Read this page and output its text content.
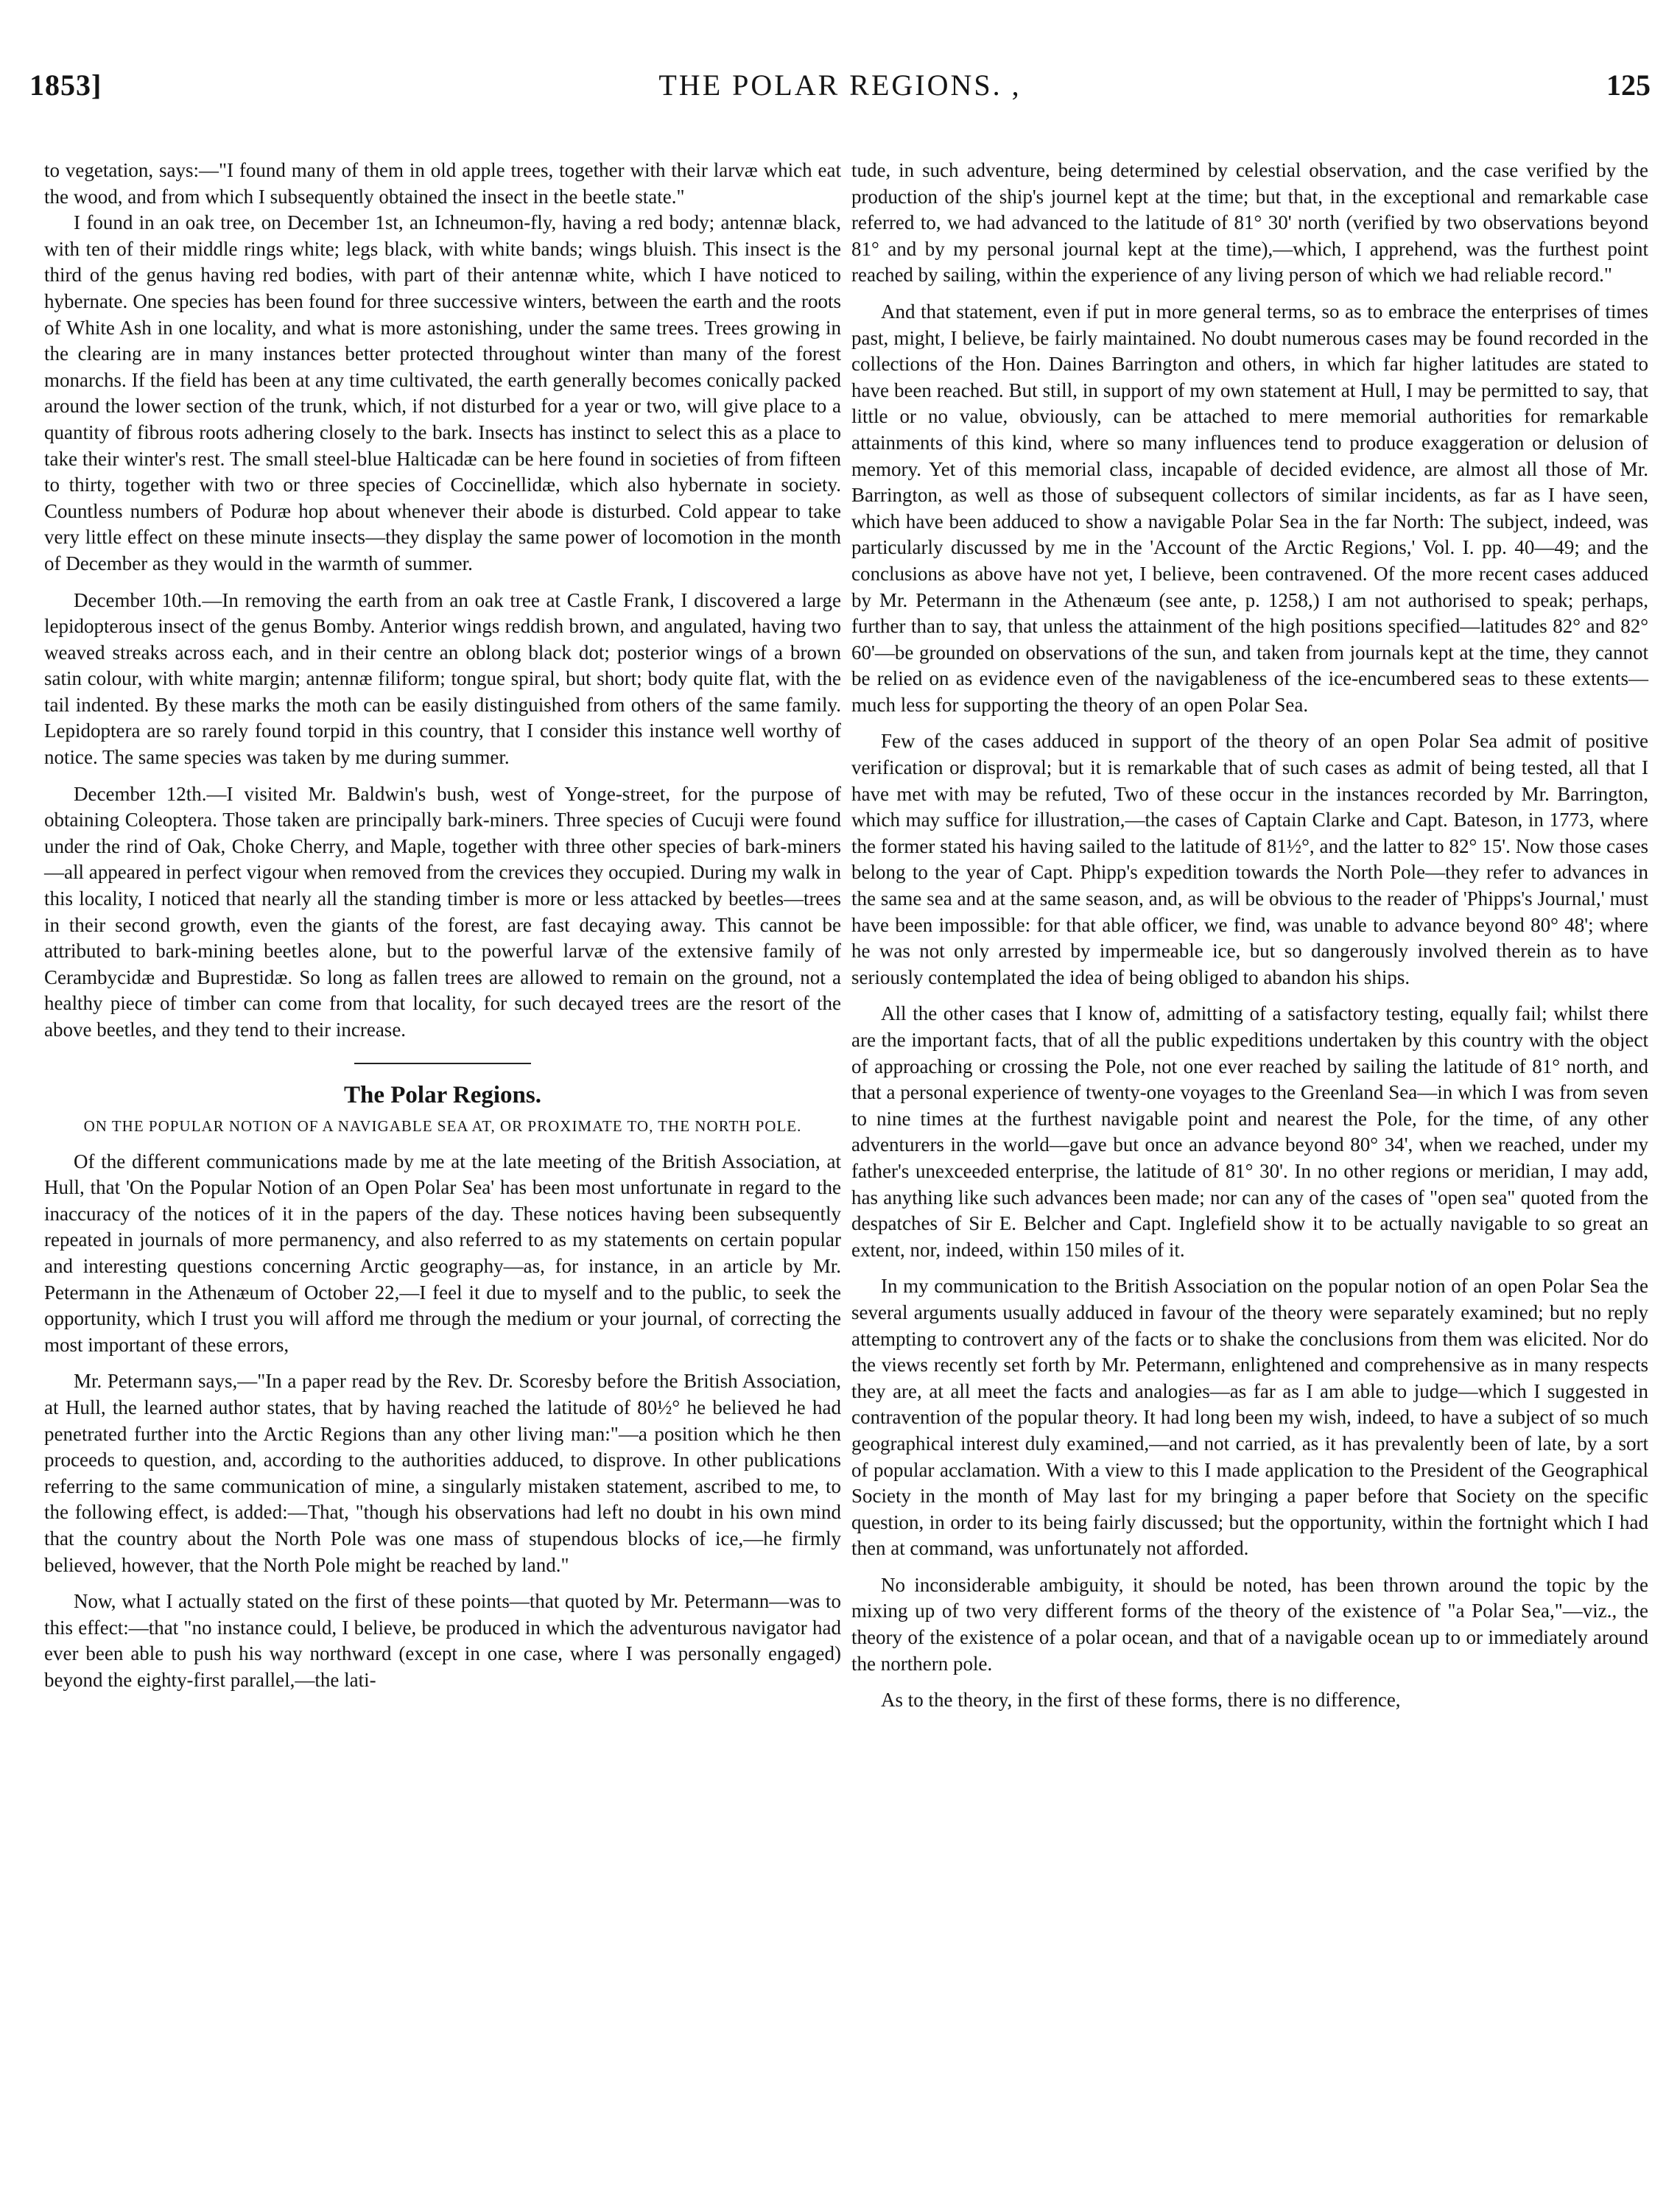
1853]	THE POLAR REGIONS. ,	125

to vegetation, says:—"I found many of them in old apple trees, together with their larvæ which eat the wood, and from which I subsequently obtained the insect in the beetle state."

I found in an oak tree, on December 1st, an Ichneumon-fly, having a red body; antennæ black, with ten of their middle rings white; legs black, with white bands; wings bluish. This insect is the third of the genus having red bodies, with part of their antennæ white, which I have noticed to hybernate. One species has been found for three successive winters, between the earth and the roots of White Ash in one locality, and what is more astonishing, under the same trees. Trees growing in the clearing are in many instances better protected throughout winter than many of the forest monarchs. If the field has been at any time cultivated, the earth generally becomes conically packed around the lower section of the trunk, which, if not disturbed for a year or two, will give place to a quantity of fibrous roots adhering closely to the bark. Insects has instinct to select this as a place to take their winter's rest. The small steel-blue Halticadæ can be here found in societies of from fifteen to thirty, together with two or three species of Coccinellidæ, which also hybernate in society. Countless numbers of Poduræ hop about whenever their abode is disturbed. Cold appear to take very little effect on these minute insects—they display the same power of locomotion in the month of December as they would in the warmth of summer.

December 10th.—In removing the earth from an oak tree at Castle Frank, I discovered a large lepidopterous insect of the genus Bomby. Anterior wings reddish brown, and angulated, having two weaved streaks across each, and in their centre an oblong black dot; posterior wings of a brown satin colour, with white margin; antennæ filiform; tongue spiral, but short; body quite flat, with the tail indented. By these marks the moth can be easily distinguished from others of the same family. Lepidoptera are so rarely found torpid in this country, that I consider this instance well worthy of notice. The same species was taken by me during summer.

December 12th.—I visited Mr. Baldwin's bush, west of Yonge-street, for the purpose of obtaining Coleoptera. Those taken are principally bark-miners. Three species of Cucuji were found under the rind of Oak, Choke Cherry, and Maple, together with three other species of bark-miners—all appeared in perfect vigour when removed from the crevices they occupied. During my walk in this locality, I noticed that nearly all the standing timber is more or less attacked by beetles—trees in their second growth, even the giants of the forest, are fast decaying away. This cannot be attributed to bark-mining beetles alone, but to the powerful larvæ of the extensive family of Cerambycidæ and Buprestidæ. So long as fallen trees are allowed to remain on the ground, not a healthy piece of timber can come from that locality, for such decayed trees are the resort of the above beetles, and they tend to their increase.

The Polar Regions.
ON THE POPULAR NOTION OF A NAVIGABLE SEA AT, OR PROXIMATE TO, THE NORTH POLE.

Of the different communications made by me at the late meeting of the British Association, at Hull, that 'On the Popular Notion of an Open Polar Sea' has been most unfortunate in regard to the inaccuracy of the notices of it in the papers of the day. These notices having been subsequently repeated in journals of more permanency, and also referred to as my statements on certain popular and interesting questions concerning Arctic geography—as, for instance, in an article by Mr. Petermann in the Athenæum of October 22,—I feel it due to myself and to the public, to seek the opportunity, which I trust you will afford me through the medium or your journal, of correcting the most important of these errors,

Mr. Petermann says,—"In a paper read by the Rev. Dr. Scoresby before the British Association, at Hull, the learned author states, that by having reached the latitude of 80½° he believed he had penetrated further into the Arctic Regions than any other living man:"—a position which he then proceeds to question, and, according to the authorities adduced, to disprove. In other publications referring to the same communication of mine, a singularly mistaken statement, ascribed to me, to the following effect, is added:—That, "though his observations had left no doubt in his own mind that the country about the North Pole was one mass of stupendous blocks of ice,—he firmly believed, however, that the North Pole might be reached by land."

Now, what I actually stated on the first of these points—that quoted by Mr. Petermann—was to this effect:—that "no instance could, I believe, be produced in which the adventurous navigator had ever been able to push his way northward (except in one case, where I was personally engaged) beyond the eighty-first parallel,—the lati-

tude, in such adventure, being determined by celestial observation, and the case verified by the production of the ship's journel kept at the time; but that, in the exceptional and remarkable case referred to, we had advanced to the latitude of 81° 30' north (verified by two observations beyond 81° and by my personal journal kept at the time),—which, I apprehend, was the furthest point reached by sailing, within the experience of any living person of which we had reliable record."

And that statement, even if put in more general terms, so as to embrace the enterprises of times past, might, I believe, be fairly maintained. No doubt numerous cases may be found recorded in the collections of the Hon. Daines Barrington and others, in which far higher latitudes are stated to have been reached. But still, in support of my own statement at Hull, I may be permitted to say, that little or no value, obviously, can be attached to mere memorial authorities for remarkable attainments of this kind, where so many influences tend to produce exaggeration or delusion of memory. Yet of this memorial class, incapable of decided evidence, are almost all those of Mr. Barrington, as well as those of subsequent collectors of similar incidents, as far as I have seen, which have been adduced to show a navigable Polar Sea in the far North: The subject, indeed, was particularly discussed by me in the 'Account of the Arctic Regions,' Vol. I. pp. 40—49; and the conclusions as above have not yet, I believe, been contravened. Of the more recent cases adduced by Mr. Petermann in the Athenæum (see ante, p. 1258,) I am not authorised to speak; perhaps, further than to say, that unless the attainment of the high positions specified—latitudes 82° and 82° 60'—be grounded on observations of the sun, and taken from journals kept at the time, they cannot be relied on as evidence even of the navigableness of the ice-encumbered seas to these extents—much less for supporting the theory of an open Polar Sea.

Few of the cases adduced in support of the theory of an open Polar Sea admit of positive verification or disproval; but it is remarkable that of such cases as admit of being tested, all that I have met with may be refuted, Two of these occur in the instances recorded by Mr. Barrington, which may suffice for illustration,—the cases of Captain Clarke and Capt. Bateson, in 1773, where the former stated his having sailed to the latitude of 81½°, and the latter to 82° 15'. Now those cases belong to the year of Capt. Phipp's expedition towards the North Pole—they refer to advances in the same sea and at the same season, and, as will be obvious to the reader of 'Phipps's Journal,' must have been impossible: for that able officer, we find, was unable to advance beyond 80° 48'; where he was not only arrested by impermeable ice, but so dangerously involved therein as to have seriously contemplated the idea of being obliged to abandon his ships.

All the other cases that I know of, admitting of a satisfactory testing, equally fail; whilst there are the important facts, that of all the public expeditions undertaken by this country with the object of approaching or crossing the Pole, not one ever reached by sailing the latitude of 81° north, and that a personal experience of twenty-one voyages to the Greenland Sea—in which I was from seven to nine times at the furthest navigable point and nearest the Pole, for the time, of any other adventurers in the world—gave but once an advance beyond 80° 34', when we reached, under my father's unexceeded enterprise, the latitude of 81° 30'. In no other regions or meridian, I may add, has anything like such advances been made; nor can any of the cases of "open sea" quoted from the despatches of Sir E. Belcher and Capt. Inglefield show it to be actually navigable to so great an extent, nor, indeed, within 150 miles of it.

In my communication to the British Association on the popular notion of an open Polar Sea the several arguments usually adduced in favour of the theory were separately examined; but no reply attempting to controvert any of the facts or to shake the conclusions from them was elicited. Nor do the views recently set forth by Mr. Petermann, enlightened and comprehensive as in many respects they are, at all meet the facts and analogies—as far as I am able to judge—which I suggested in contravention of the popular theory. It had long been my wish, indeed, to have a subject of so much geographical interest duly examined,—and not carried, as it has prevalently been of late, by a sort of popular acclamation. With a view to this I made application to the President of the Geographical Society in the month of May last for my bringing a paper before that Society on the specific question, in order to its being fairly discussed; but the opportunity, within the fortnight which I had then at command, was unfortunately not afforded.

No inconsiderable ambiguity, it should be noted, has been thrown around the topic by the mixing up of two very different forms of the theory of the existence of "a Polar Sea,"—viz., the theory of the existence of a polar ocean, and that of a navigable ocean up to or immediately around the northern pole.

As to the theory, in the first of these forms, there is no difference,
